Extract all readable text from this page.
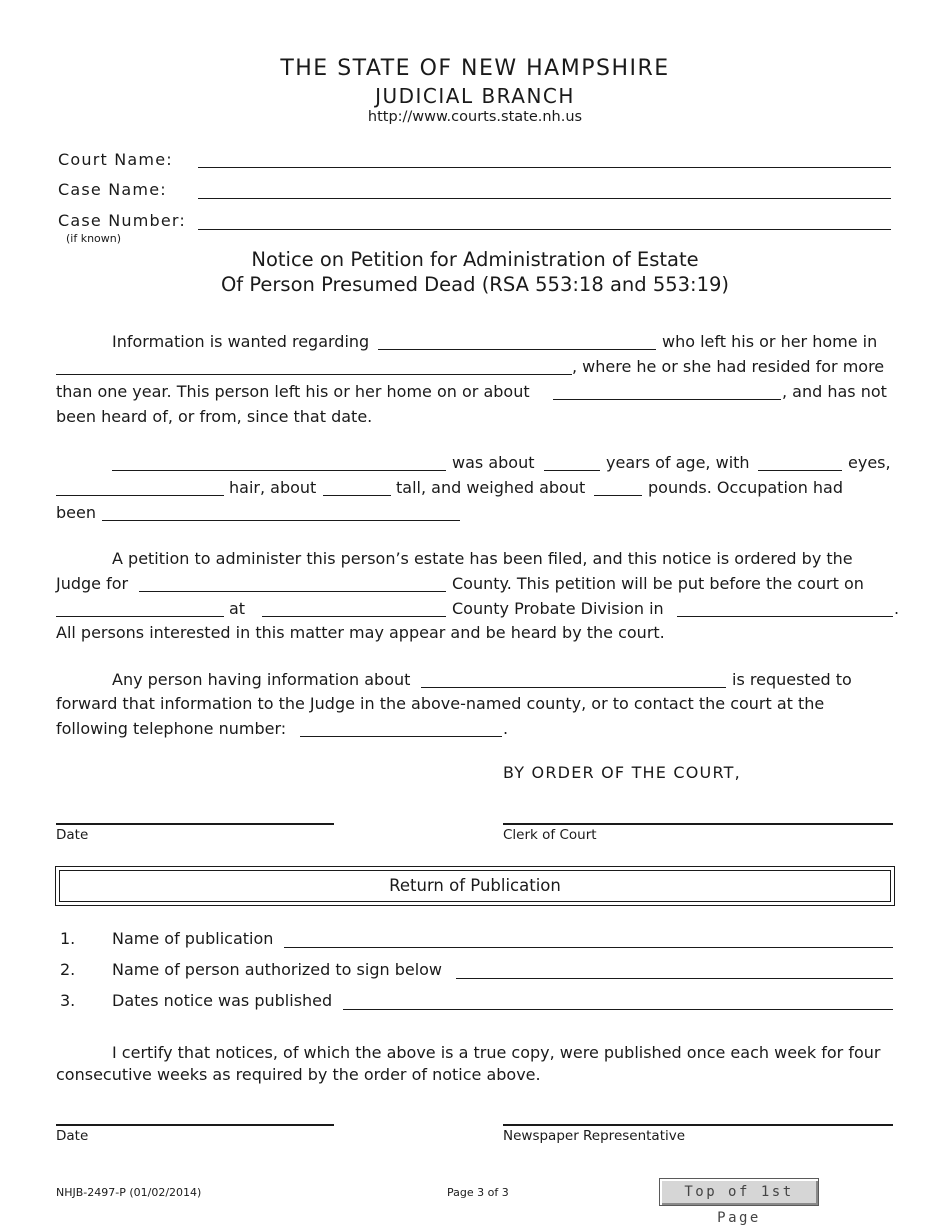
THE STATE OF NEW HAMPSHIRE
JUDICIAL BRANCH
http://www.courts.state.nh.us
Court Name:
Case Name:
Case Number:
(if known)
Notice on Petition for Administration of Estate
Of Person Presumed Dead (RSA 553:18 and 553:19)
Information is wanted regarding	who left his or her home in
, where he or she had resided for more
than one year. This person left his or her home on or about	, and has not
been heard of, or from, since that date.
was about	years of age, with	eyes,
hair, about	tall, and weighed about	pounds. Occupation had
been
A petition to administer this person’s estate has been filed, and this notice is ordered by the
Judge for	County. This petition will be put before the court on
at	County Probate Division in	.
All persons interested in this matter may appear and be heard by the court.
Any person having information about	is requested to
forward that information to the Judge in the above-named county, or to contact the court at the
following telephone number:	.
BY ORDER OF THE COURT,
Date	Clerk of Court
Return of Publication
1. Name of publication
2. Name of person authorized to sign below
3. Dates notice was published
I certify that notices, of which the above is a true copy, were published once each week for four
consecutive weeks as required by the order of notice above.
Date	Newspaper Representative
NHJB-2497-P (01/02/2014)	Page 3 of 3	Top of 1st Page
